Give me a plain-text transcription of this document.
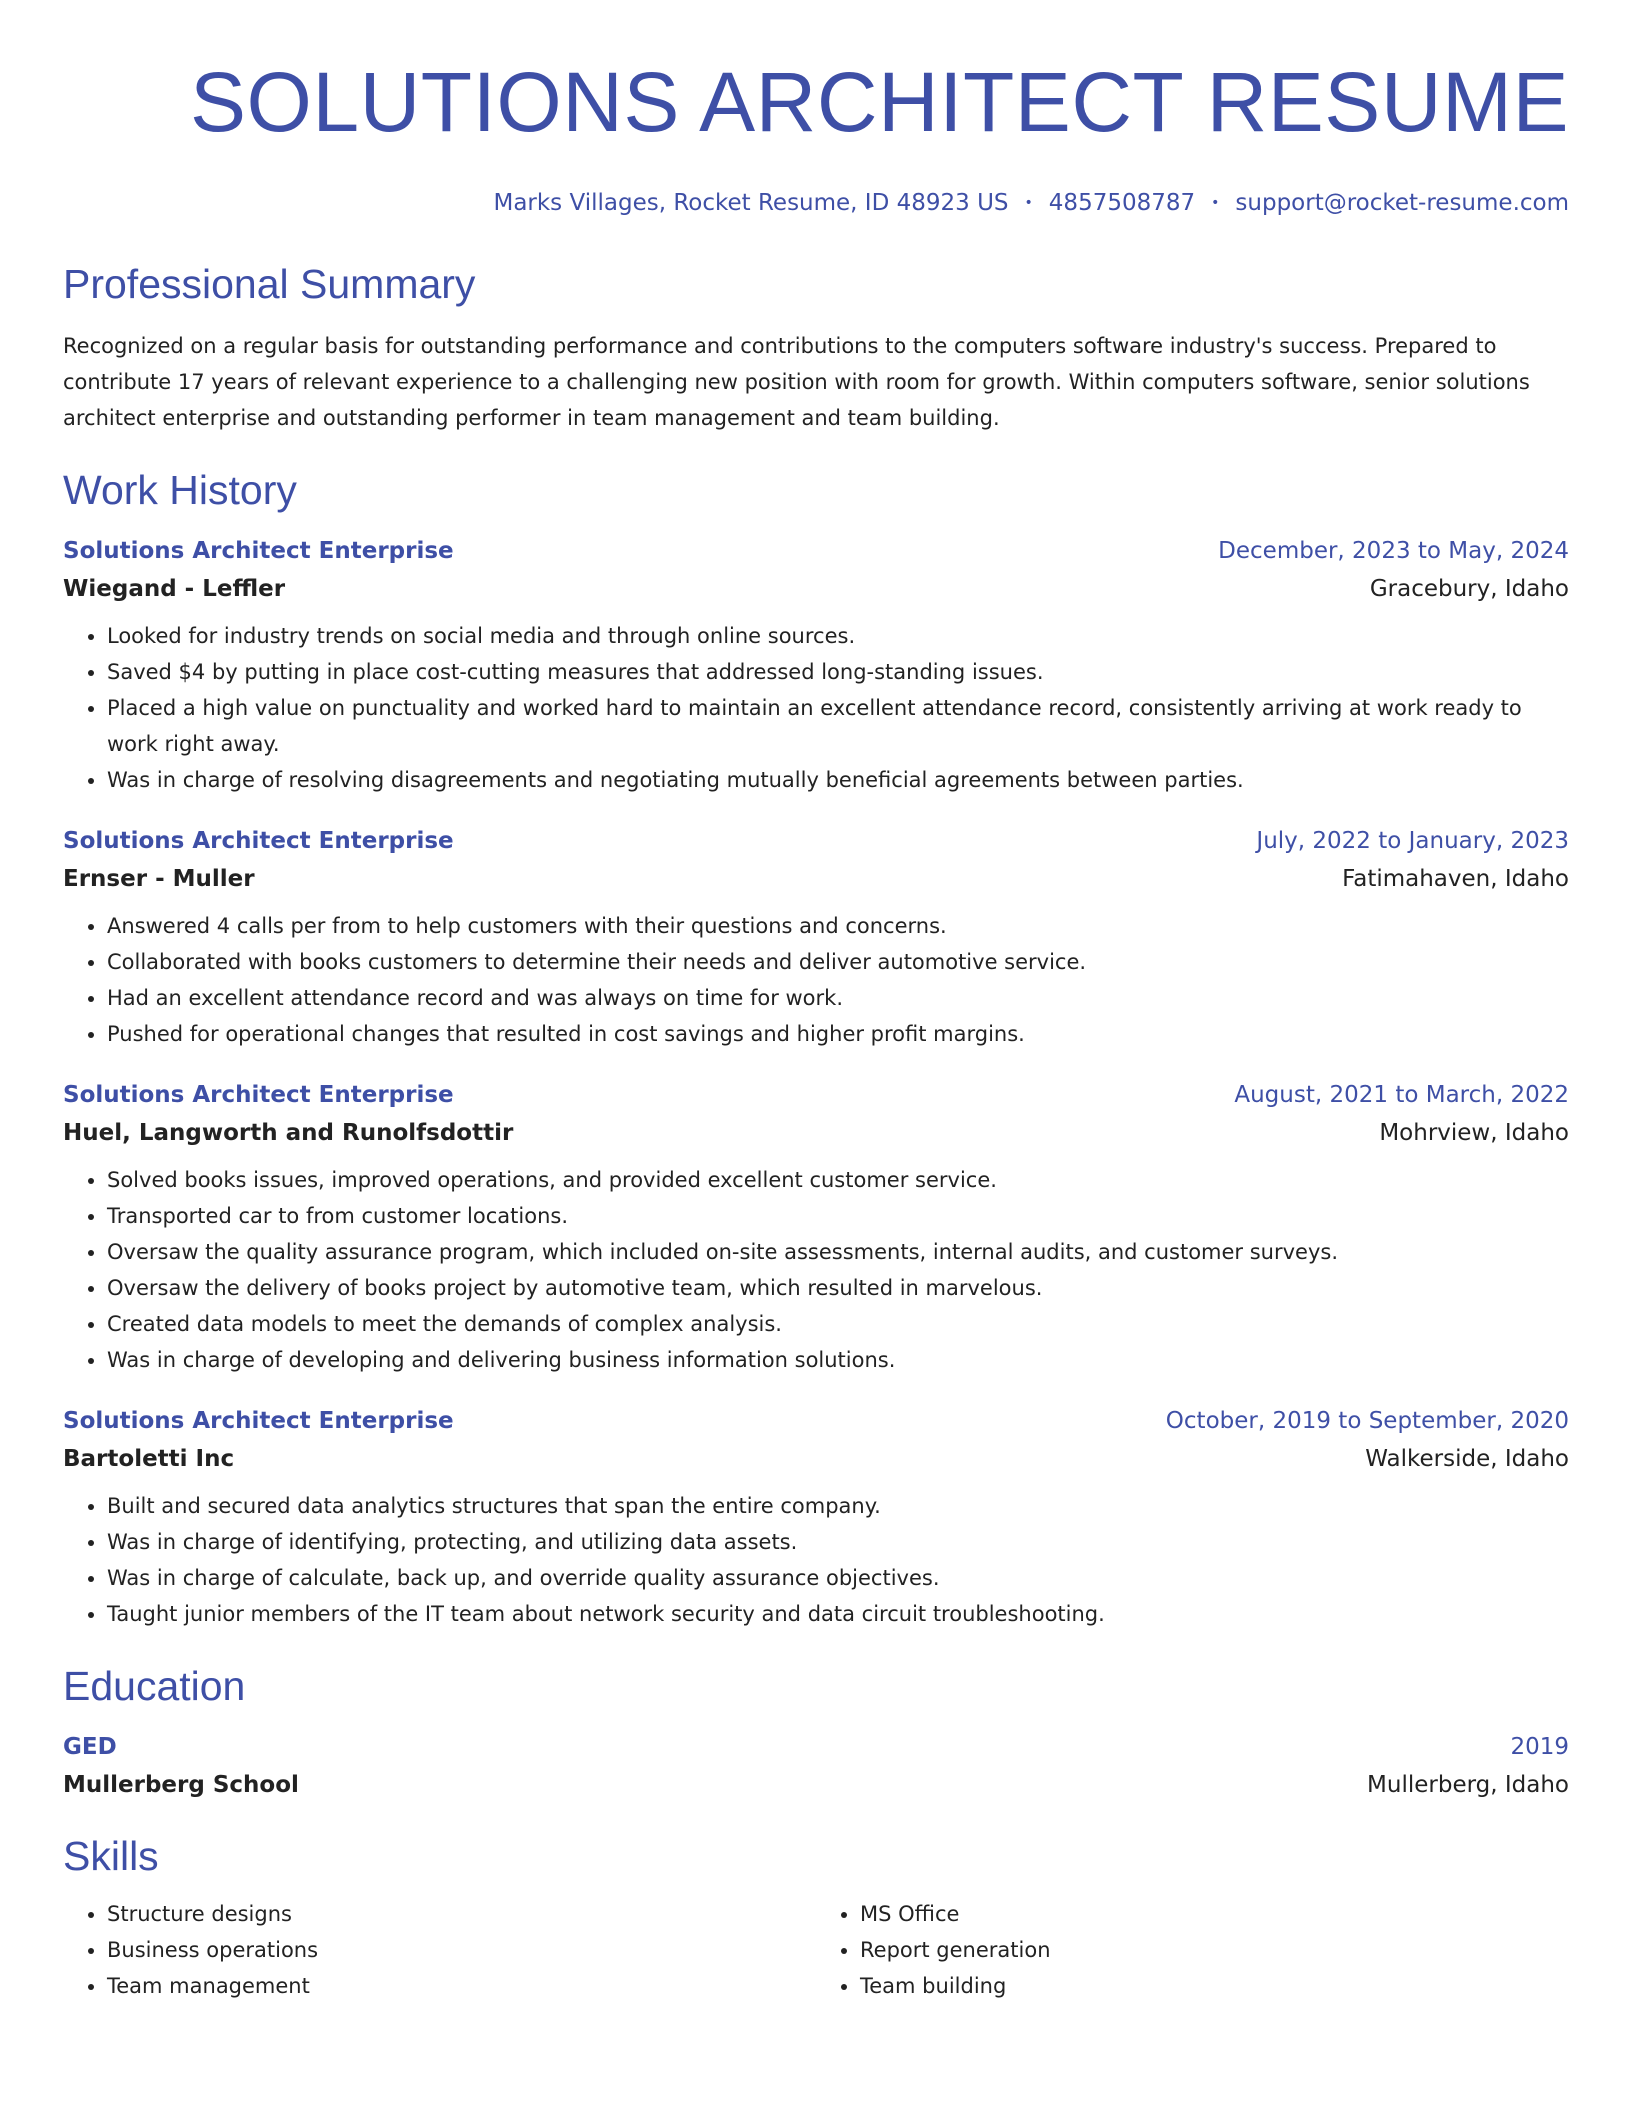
SOLUTIONS ARCHITECT RESUME
Marks Villages, Rocket Resume, ID 48923 US • 4857508787 • support@rocket-resume.com
Professional Summary
Recognized on a regular basis for outstanding performance and contributions to the computers software industry's success. Prepared to contribute 17 years of relevant experience to a challenging new position with room for growth. Within computers software, senior solutions architect enterprise and outstanding performer in team management and team building.
Work History
Solutions Architect Enterprise	December, 2023 to May, 2024
Wiegand - Leffler	Gracebury, Idaho
• Looked for industry trends on social media and through online sources.
• Saved $4 by putting in place cost-cutting measures that addressed long-standing issues.
• Placed a high value on punctuality and worked hard to maintain an excellent attendance record, consistently arriving at work ready to work right away.
• Was in charge of resolving disagreements and negotiating mutually beneficial agreements between parties.
Solutions Architect Enterprise	July, 2022 to January, 2023
Ernser - Muller	Fatimahaven, Idaho
• Answered 4 calls per from to help customers with their questions and concerns.
• Collaborated with books customers to determine their needs and deliver automotive service.
• Had an excellent attendance record and was always on time for work.
• Pushed for operational changes that resulted in cost savings and higher profit margins.
Solutions Architect Enterprise	August, 2021 to March, 2022
Huel, Langworth and Runolfsdottir	Mohrview, Idaho
• Solved books issues, improved operations, and provided excellent customer service.
• Transported car to from customer locations.
• Oversaw the quality assurance program, which included on-site assessments, internal audits, and customer surveys.
• Oversaw the delivery of books project by automotive team, which resulted in marvelous.
• Created data models to meet the demands of complex analysis.
• Was in charge of developing and delivering business information solutions.
Solutions Architect Enterprise	October, 2019 to September, 2020
Bartoletti Inc	Walkerside, Idaho
• Built and secured data analytics structures that span the entire company.
• Was in charge of identifying, protecting, and utilizing data assets.
• Was in charge of calculate, back up, and override quality assurance objectives.
• Taught junior members of the IT team about network security and data circuit troubleshooting.
Education
GED	2019
Mullerberg School	Mullerberg, Idaho
Skills
• Structure designs
• Business operations
• Team management
• MS Office
• Report generation
• Team building
